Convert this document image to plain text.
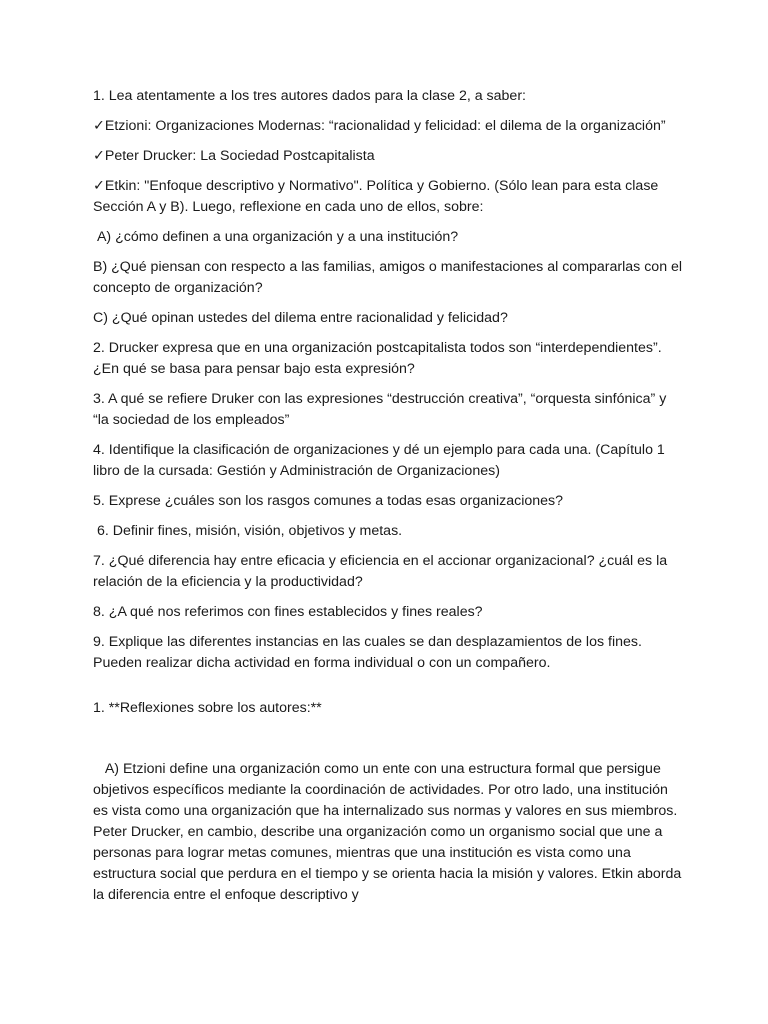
1. Lea atentamente a los tres autores dados para la clase 2, a saber:

✓Etzioni: Organizaciones Modernas: “racionalidad y felicidad: el dilema de la organización”

✓Peter Drucker: La Sociedad Postcapitalista

✓Etkin: "Enfoque descriptivo y Normativo". Política y Gobierno. (Sólo lean para esta clase Sección A y B). Luego, reflexione en cada uno de ellos, sobre:

A) ¿cómo definen a una organización y a una institución?

B) ¿Qué piensan con respecto a las familias, amigos o manifestaciones al compararlas con el concepto de organización?

C) ¿Qué opinan ustedes del dilema entre racionalidad y felicidad?

2. Drucker expresa que en una organización postcapitalista todos son “interdependientes”. ¿En qué se basa para pensar bajo esta expresión?

3. A qué se refiere Druker con las expresiones “destrucción creativa”, “orquesta sinfónica” y “la sociedad de los empleados”

4. Identifique la clasificación de organizaciones y dé un ejemplo para cada una. (Capítulo 1 libro de la cursada: Gestión y Administración de Organizaciones)

5. Exprese ¿cuáles son los rasgos comunes a todas esas organizaciones?

6. Definir fines, misión, visión, objetivos y metas.

7. ¿Qué diferencia hay entre eficacia y eficiencia en el accionar organizacional? ¿cuál es la relación de la eficiencia y la productividad?

8. ¿A qué nos referimos con fines establecidos y fines reales?

9. Explique las diferentes instancias en las cuales se dan desplazamientos de los fines. Pueden realizar dicha actividad en forma individual o con un compañero.

1. **Reflexiones sobre los autores:**

A) Etzioni define una organización como un ente con una estructura formal que persigue objetivos específicos mediante la coordinación de actividades. Por otro lado, una institución es vista como una organización que ha internalizado sus normas y valores en sus miembros. Peter Drucker, en cambio, describe una organización como un organismo social que une a personas para lograr metas comunes, mientras que una institución es vista como una estructura social que perdura en el tiempo y se orienta hacia la misión y valores. Etkin aborda la diferencia entre el enfoque descriptivo y
